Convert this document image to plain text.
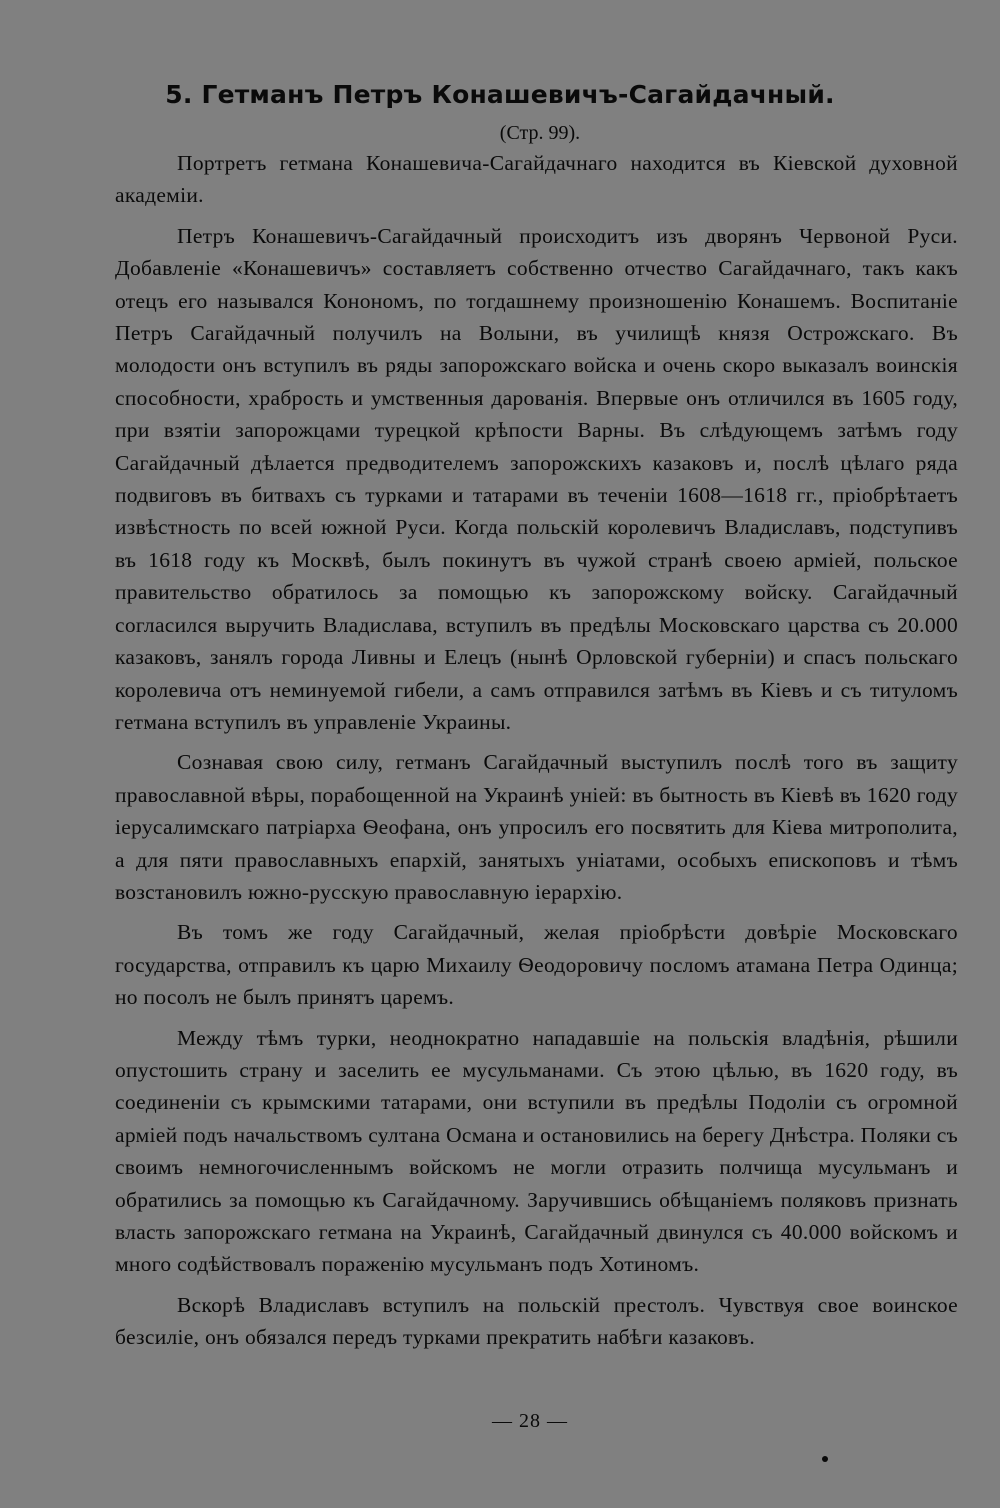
5. Гетманъ Петръ Конашевичъ-Сагайдачный.
(Стр. 99).

Портретъ гетмана Конашевича-Сагайдачнаго находится въ Кіевской духовной академіи.

Петръ Конашевичъ-Сагайдачный происходитъ изъ дворянъ Червоной Руси. Добавленіе «Конашевичъ» составляетъ собственно отчество Сагайдачнаго, такъ какъ отецъ его назывался Конономъ, по тогдашнему произношенію Конашемъ. Воспитаніе Петръ Сагайдачный получилъ на Волыни, въ училищѣ князя Острожскаго. Въ молодости онъ вступилъ въ ряды запорожскаго войска и очень скоро выказалъ воинскія способности, храбрость и умственныя дарованія. Впервые онъ отличился въ 1605 году, при взятіи запорожцами турецкой крѣпости Варны. Въ слѣдующемъ затѣмъ году Сагайдачный дѣлается предводителемъ запорожскихъ казаковъ и, послѣ цѣлаго ряда подвиговъ въ битвахъ съ турками и татарами въ теченіи 1608—1618 гг., пріобрѣтаетъ извѣстность по всей южной Руси. Когда польскій королевичъ Владиславъ, подступивъ въ 1618 году къ Москвѣ, былъ покинутъ въ чужой странѣ своею арміей, польское правительство обратилось за помощью къ запорожскому войску. Сагайдачный согласился выручить Владислава, вступилъ въ предѣлы Московскаго царства съ 20.000 казаковъ, занялъ города Ливны и Елецъ (нынѣ Орловской губерніи) и спасъ польскаго королевича отъ неминуемой гибели, а самъ отправился затѣмъ въ Кіевъ и съ титуломъ гетмана вступилъ въ управленіе Украины.

Сознавая свою силу, гетманъ Сагайдачный выступилъ послѣ того въ защиту православной вѣры, порабощенной на Украинѣ уніей: въ бытность въ Кіевѣ въ 1620 году іерусалимскаго патріарха Ѳеофана, онъ упросилъ его посвятить для Кіева митрополита, а для пяти православныхъ епархій, занятыхъ уніатами, особыхъ епископовъ и тѣмъ возстановилъ южно-русскую православную іерархію.

Въ томъ же году Сагайдачный, желая пріобрѣсти довѣріе Московскаго государства, отправилъ къ царю Михаилу Ѳеодоровичу посломъ атамана Петра Одинца; но посолъ не былъ принятъ царемъ.

Между тѣмъ турки, неоднократно нападавшіе на польскія владѣнія, рѣшили опустошить страну и заселить ее мусульманами. Съ этою цѣлью, въ 1620 году, въ соединеніи съ крымскими татарами, они вступили въ предѣлы Подоліи съ огромной арміей подъ начальствомъ султана Османа и остановились на берегу Днѣстра. Поляки съ своимъ немногочисленнымъ войскомъ не могли отразить полчища мусульманъ и обратились за помощью къ Сагайдачному. Заручившись обѣщаніемъ поляковъ признать власть запорожскаго гетмана на Украинѣ, Сагайдачный двинулся съ 40.000 войскомъ и много содѣйствовалъ пораженію мусульманъ подъ Хотиномъ.

Вскорѣ Владиславъ вступилъ на польскій престолъ. Чувствуя свое воинское безсиліе, онъ обязался передъ турками прекратить набѣги казаковъ.

— 28 —
